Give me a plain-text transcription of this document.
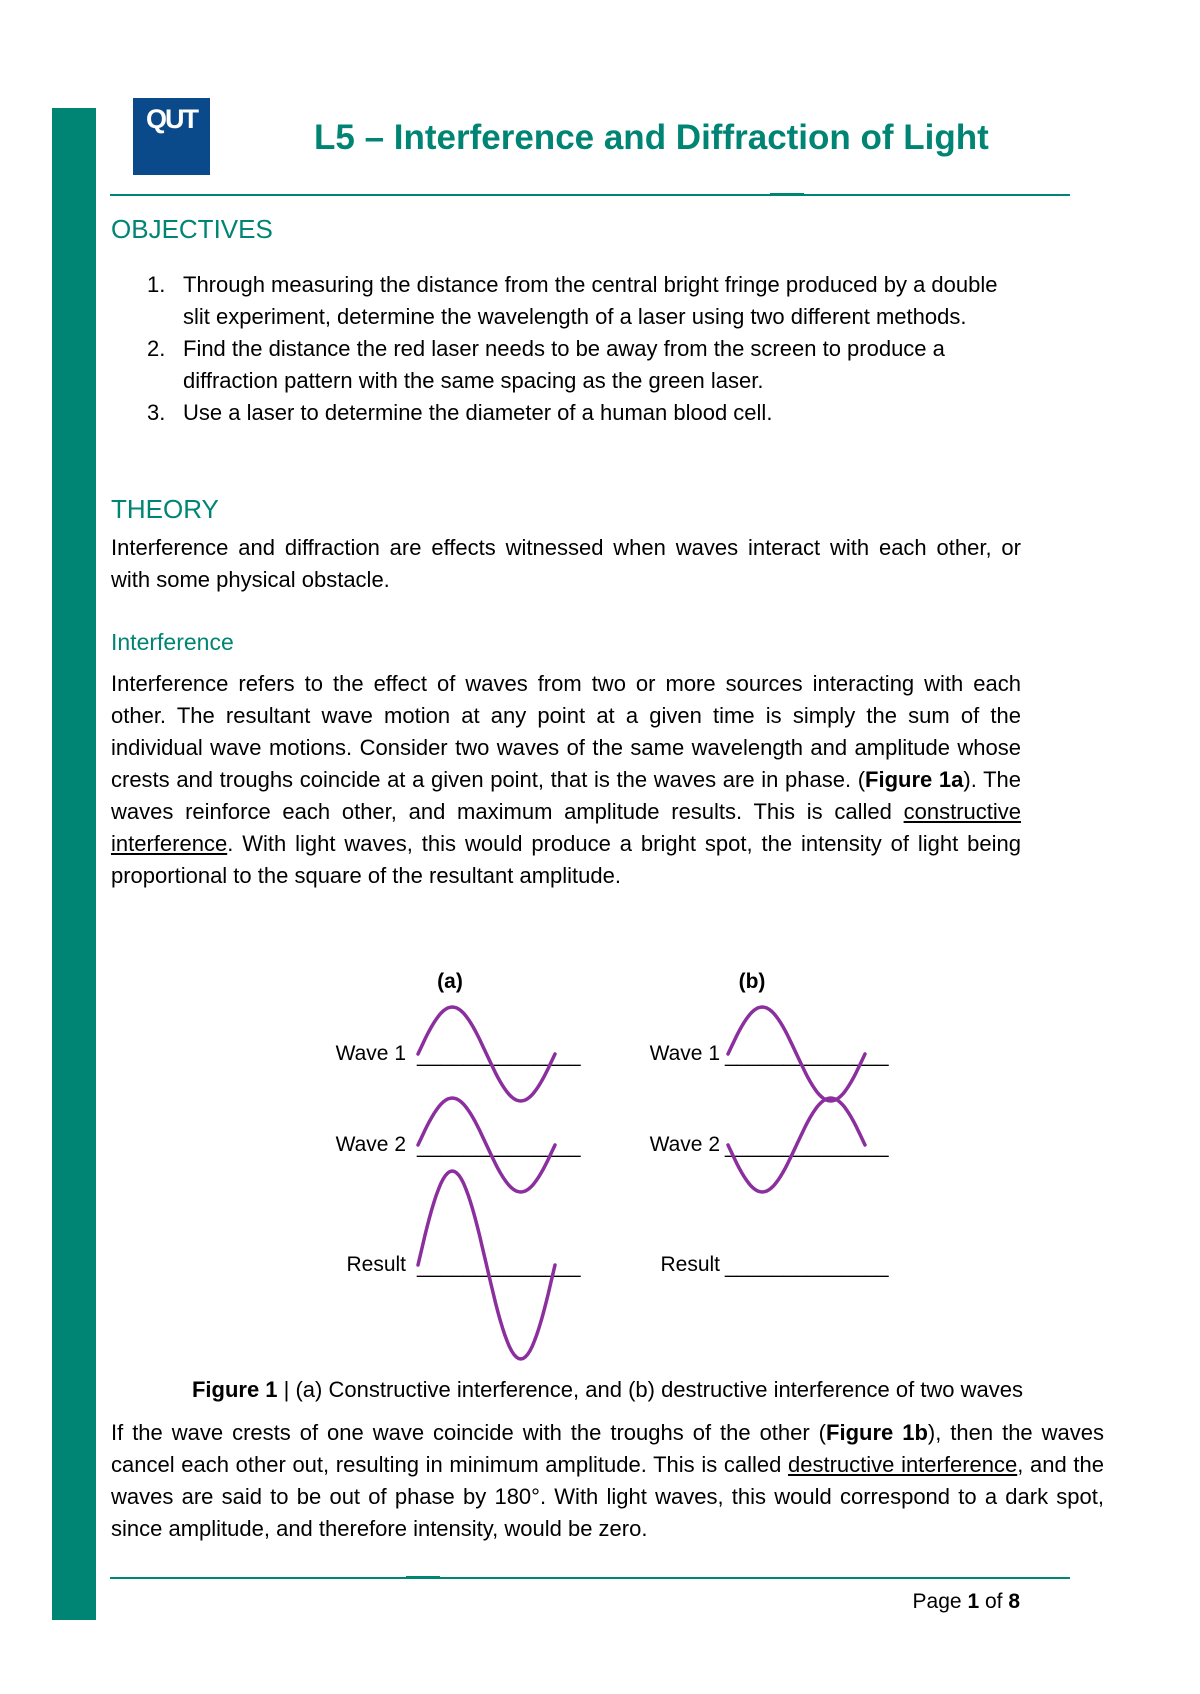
QUT	L5 – Interference and Diffraction of Light
OBJECTIVES
1. Through measuring the distance from the central bright fringe produced by a double slit experiment, determine the wavelength of a laser using two different methods.
2. Find the distance the red laser needs to be away from the screen to produce a diffraction pattern with the same spacing as the green laser.
3. Use a laser to determine the diameter of a human blood cell.
THEORY

Interference and diffraction are effects witnessed when waves interact with each other, or with some physical obstacle.

Interference

Interference refers to the effect of waves from two or more sources interacting with each other. The resultant wave motion at any point at a given time is simply the sum of the individual wave motions. Consider two waves of the same wavelength and amplitude whose crests and troughs coincide at a given point, that is the waves are in phase. (Figure 1a). The waves reinforce each other, and maximum amplitude results. This is called constructive interference. With light waves, this would produce a bright spot, the intensity of light being proportional to the square of the resultant amplitude.

(a)	(b)
Wave 1 ______________
Wave 2 ______________
Result ______________
Wave 1 ______________
Wave 2 ______________
Result ______________

Figure 1 | (a) Constructive interference, and (b) destructive interference of two waves

If the wave crests of one wave coincide with the troughs of the other (Figure 1b), then the waves cancel each other out, resulting in minimum amplitude. This is called destructive interference, and the waves are said to be out of phase by 180°. With light waves, this would correspond to a dark spot, since amplitude, and therefore intensity, would be zero.

Page 1 of 8
